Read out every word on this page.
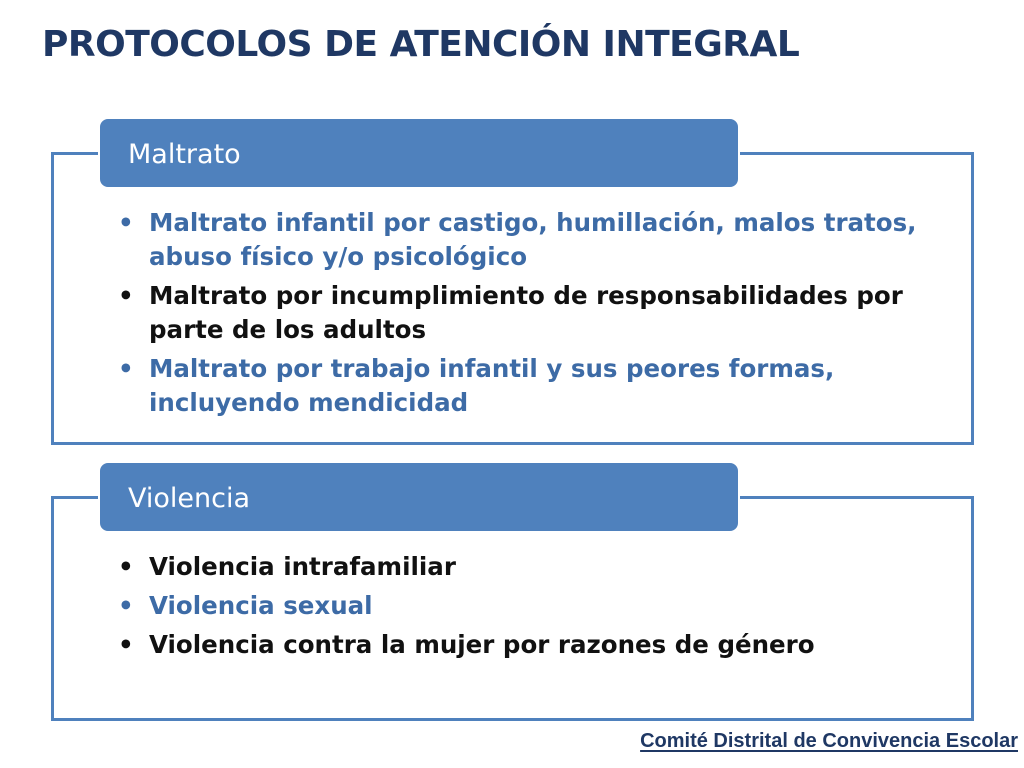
PROTOCOLOS DE ATENCIÓN INTEGRAL
Maltrato
• Maltrato infantil por castigo, humillación, malos tratos, abuso físico y/o psicológico
• Maltrato por incumplimiento de responsabilidades por parte de los adultos
• Maltrato por trabajo infantil y sus peores formas, incluyendo mendicidad
Violencia
• Violencia intrafamiliar
• Violencia sexual
• Violencia contra la mujer por razones de género
Comité Distrital de Convivencia Escolar
